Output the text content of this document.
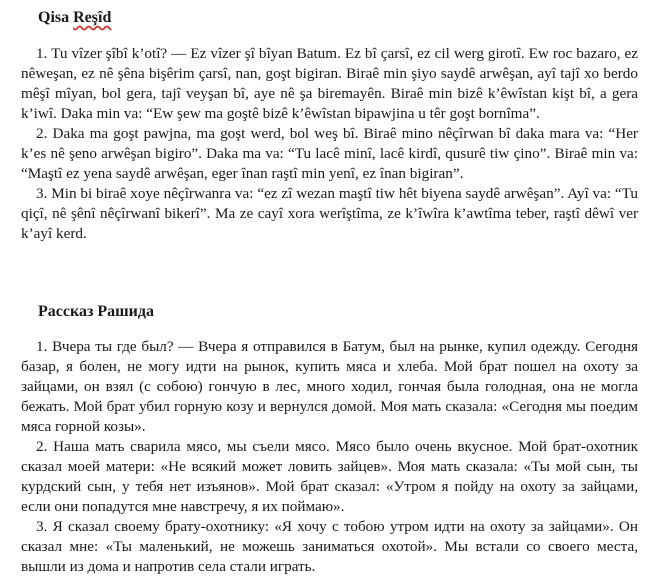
Qisa Reşîd

1. Tu vîzer şîbî k’otî? — Ez vîzer şî bîyan Batum. Ez bî çarsî, ez cil werg girotî. Ew roc bazaro, ez nêweşan, ez nê şêna bişêrim çarsî, nan, goşt bigiran. Biraê min şiyo saydê arwêşan, ayî tajî xo berdo mêşî mîyan, bol gera, tajî veyşan bî, aye nê şa biremayên. Biraê min bizê k’êwîstan kişt bî, a gera k’iwî. Daka min va: “Ew şew ma goştê bizê k’êwîstan bipawjina u têr goşt bornîma”.

2. Daka ma goşt pawjna, ma goşt werd, bol weş bî. Biraê mino nêçîrwan bî daka mara va: “Her k’es nê şeno arwêşan bigiro”. Daka ma va: “Tu lacê minî, lacê kirdî, qusurê tiw çino”. Biraê min va: “Maştî ez yena saydê arwêşan, eger înan raştî min yenî, ez înan bigiran”.

3. Min bi biraê xoye nêçîrwanra va: “ez zî wezan maştî tiw hêt biyena saydê arwêşan”. Ayî va: “Tu qiçî, nê şênî nêçîrwanî bikerî”. Ma ze cayî xora werîştîma, ze k’îwîra k’awtîma teber, raştî dêwî ver k’ayî kerd.

Рассказ Рашида

1. Вчера ты где был? — Вчера я отправился в Батум, был на рынке, купил одежду. Сегодня базар, я болен, не могу идти на рынок, купить мяса и хлеба. Мой брат пошел на охоту за зайцами, он взял (с собою) гончую в лес, много ходил, гончая была голодная, она не могла бежать. Мой брат убил горную козу и вернулся домой. Моя мать сказала: «Сегодня мы поедим мяса горной козы».

2. Наша мать сварила мясо, мы съели мясо. Мясо было очень вкусное. Мой брат-охотник сказал моей матери: «Не всякий может ловить зайцев». Моя мать сказала: «Ты мой сын, ты курдский сын, у тебя нет изъянов». Мой брат сказал: «Утром я пойду на охоту за зайцами, если они попадутся мне навстречу, я их поймаю».

3. Я сказал своему брату-охотнику: «Я хочу с тобою утром идти на охоту за зайцами». Он сказал мне: «Ты маленький, не можешь заниматься охотой». Мы встали со своего места, вышли из дома и напротив села стали играть.
